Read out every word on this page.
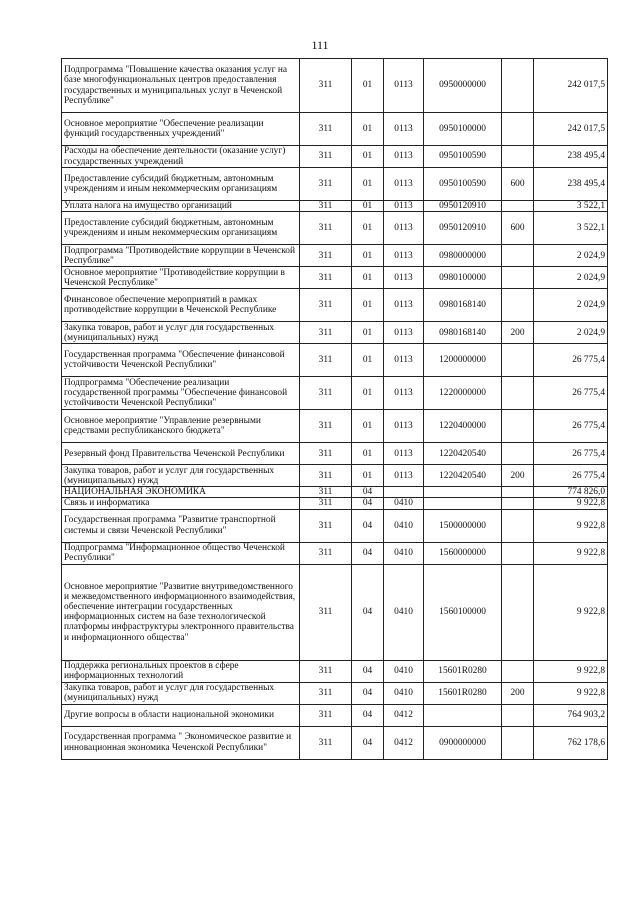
111
Подпрограмма "Повышение качества оказания услуг на базе многофункциональных центров предоставления государственных и муниципальных услуг в Чеченской Республике"	311	01	0113	0950000000		242 017,5
Основное мероприятие "Обеспечение реализации функций государственных учреждений"	311	01	0113	0950100000		242 017,5
Расходы на обеспечение деятельности (оказание услуг) государственных учреждений	311	01	0113	0950100590		238 495,4
Предоставление субсидий бюджетным, автономным учреждениям и иным некоммерческим организациям	311	01	0113	0950100590	600	238 495,4
Уплата налога на имущество организаций	311	01	0113	0950120910		3 522,1
Предоставление субсидий бюджетным, автономным учреждениям и иным некоммерческим организациям	311	01	0113	0950120910	600	3 522,1
Подпрограмма "Противодействие коррупции в Чеченской Республике"	311	01	0113	0980000000		2 024,9
Основное мероприятие "Противодействие коррупции в Чеченской Республике"	311	01	0113	0980100000		2 024,9
Финансовое обеспечение мероприятий в рамках противодействие коррупции в Чеченской Республике	311	01	0113	0980168140		2 024,9
Закупка товаров, работ и услуг для государственных (муниципальных) нужд	311	01	0113	0980168140	200	2 024,9
Государственная программа "Обеспечение финансовой устойчивости Чеченской Республики"	311	01	0113	1200000000		26 775,4
Подпрограмма "Обеспечение реализации государственной программы "Обеспечение финансовой устойчивости Чеченской Республики"	311	01	0113	1220000000		26 775,4
Основное мероприятие "Управление резервными средствами республиканского бюджета"	311	01	0113	1220400000		26 775,4
Резервный фонд Правительства Чеченской Республики	311	01	0113	1220420540		26 775,4
Закупка товаров, работ и услуг для государственных (муниципальных) нужд	311	01	0113	1220420540	200	26 775,4
НАЦИОНАЛЬНАЯ ЭКОНОМИКА	311	04				774 826,0
Связь и информатика	311	04	0410			9 922,8
Государственная программа "Развитие транспортной системы и связи Чеченской Республики"	311	04	0410	1500000000		9 922,8
Подпрограмма "Информационное общество Чеченской Республики"	311	04	0410	1560000000		9 922,8
Основное мероприятие "Развитие внутриведомственного и межведомственного информационного взаимодействия, обеспечение интеграции государственных информационных систем на базе технологической платформы инфраструктуры электронного правительства и информационного общества"	311	04	0410	1560100000		9 922,8
Поддержка региональных проектов в сфере информационных технологий	311	04	0410	15601R0280		9 922,8
Закупка товаров, работ и услуг для государственных (муниципальных) нужд	311	04	0410	15601R0280	200	9 922,8
Другие вопросы в области национальной экономики	311	04	0412			764 903,2
Государственная программа " Экономическое развитие и инновационная экономика Чеченской Республики"	311	04	0412	0900000000		762 178,6
